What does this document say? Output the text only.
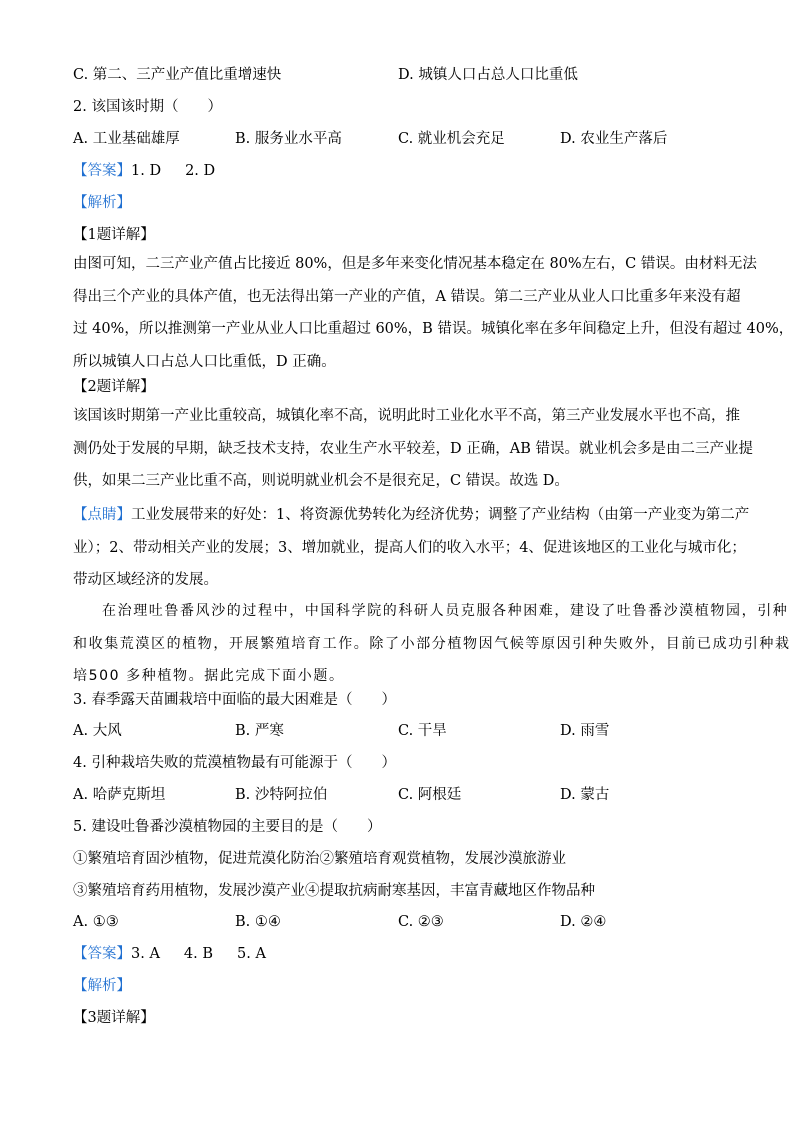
C. 第二、三产业产值比重增速快	D. 城镇人口占总人口比重低
2. 该国该时期（　　）
A. 工业基础雄厚	B. 服务业水平高	C. 就业机会充足	D. 农业生产落后
【答案】1. D 2. D
【解析】
【1题详解】
由图可知，二三产业产值占比接近 80%，但是多年来变化情况基本稳定在 80%左右，C 错误。由材料无法
得出三个产业的具体产值，也无法得出第一产业的产值，A 错误。第二三产业从业人口比重多年来没有超
过 40%，所以推测第一产业从业人口比重超过 60%，B 错误。城镇化率在多年间稳定上升，但没有超过 40%，
所以城镇人口占总人口比重低，D 正确。
【2题详解】
该国该时期第一产业比重较高，城镇化率不高，说明此时工业化水平不高，第三产业发展水平也不高，推
测仍处于发展的早期，缺乏技术支持，农业生产水平较差，D 正确，AB 错误。就业机会多是由二三产业提
供，如果二三产业比重不高，则说明就业机会不是很充足，C 错误。故选 D。
【点睛】工业发展带来的好处：1、将资源优势转化为经济优势；调整了产业结构（由第一产业变为第二产
业）；2、带动相关产业的发展；3、增加就业，提高人们的收入水平；4、促进该地区的工业化与城市化；
带动区域经济的发展。
在治理吐鲁番风沙的过程中，中国科学院的科研人员克服各种困难，建设了吐鲁番沙漠植物园，引种
和收集荒漠区的植物，开展繁殖培育工作。除了小部分植物因气候等原因引种失败外，目前已成功引种栽
培500 多种植物。据此完成下面小题。
3. 春季露天苗圃栽培中面临的最大困难是（　　）
A. 大风	B. 严寒	C. 干旱	D. 雨雪
4. 引种栽培失败的荒漠植物最有可能源于（　　）
A. 哈萨克斯坦	B. 沙特阿拉伯	C. 阿根廷	D. 蒙古
5. 建设吐鲁番沙漠植物园的主要目的是（　　）
①繁殖培育固沙植物，促进荒漠化防治②繁殖培育观赏植物，发展沙漠旅游业
③繁殖培育药用植物，发展沙漠产业④提取抗病耐寒基因，丰富青藏地区作物品种
A. ①③	B. ①④	C. ②③	D. ②④
【答案】3. A 4. B 5. A
【解析】
【3题详解】
